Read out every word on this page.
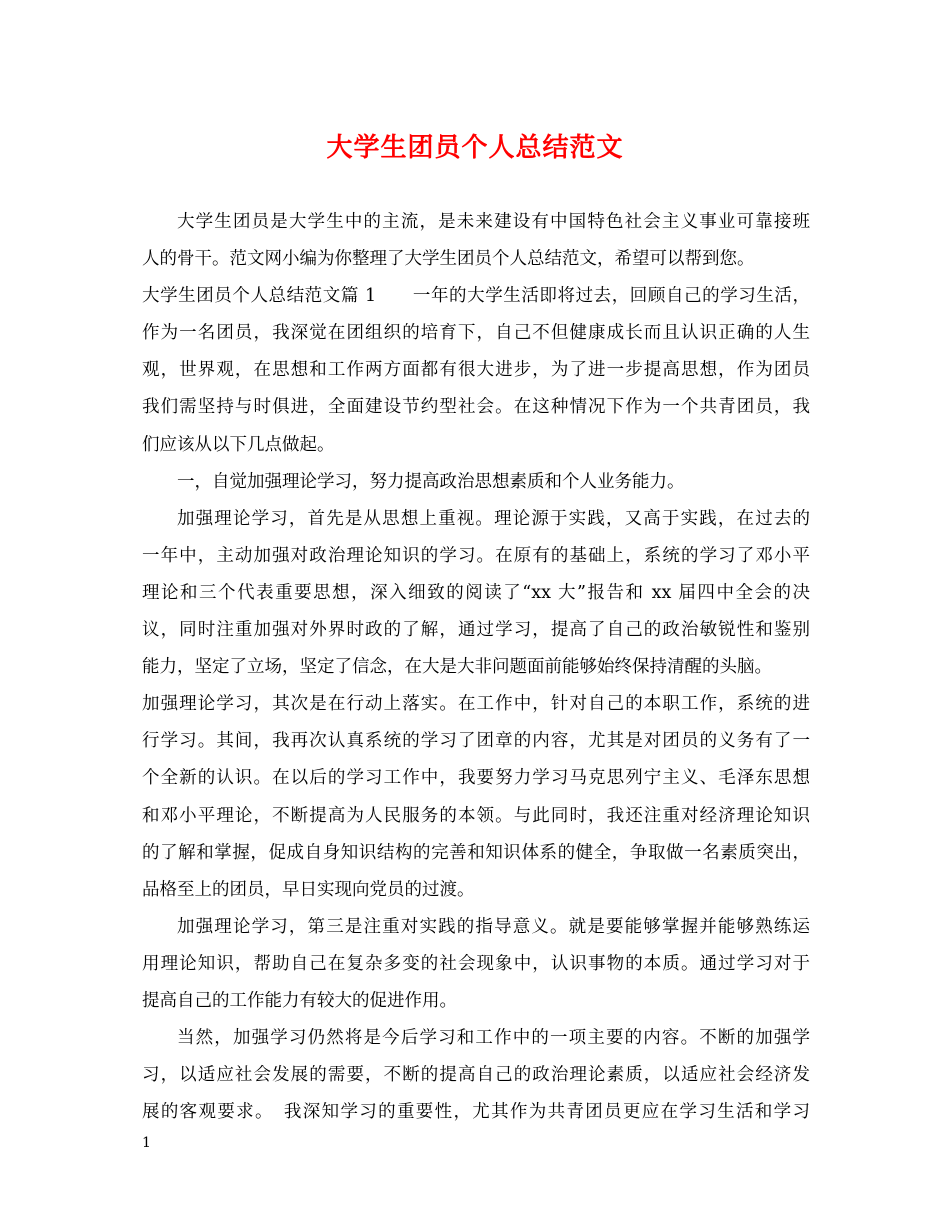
大学生团员个人总结范文
大学生团员是大学生中的主流，是未来建设有中国特色社会主义事业可靠接班
人的骨干。范文网小编为你整理了大学生团员个人总结范文，希望可以帮到您。
大学生团员个人总结范文篇 1　　一年的大学生活即将过去，回顾自己的学习生活，
作为一名团员，我深觉在团组织的培育下，自己不但健康成长而且认识正确的人生
观，世界观，在思想和工作两方面都有很大进步，为了进一步提高思想，作为团员
我们需坚持与时俱进，全面建设节约型社会。在这种情况下作为一个共青团员，我
们应该从以下几点做起。
一，自觉加强理论学习，努力提高政治思想素质和个人业务能力。
加强理论学习，首先是从思想上重视。理论源于实践，又高于实践，在过去的
一年中，主动加强对政治理论知识的学习。在原有的基础上，系统的学习了邓小平
理论和三个代表重要思想，深入细致的阅读了“xx 大”报告和 xx 届四中全会的决
议，同时注重加强对外界时政的了解，通过学习，提高了自己的政治敏锐性和鉴别
能力，坚定了立场，坚定了信念，在大是大非问题面前能够始终保持清醒的头脑。
加强理论学习，其次是在行动上落实。在工作中，针对自己的本职工作，系统的进
行学习。其间，我再次认真系统的学习了团章的内容，尤其是对团员的义务有了一
个全新的认识。在以后的学习工作中，我要努力学习马克思列宁主义、毛泽东思想
和邓小平理论，不断提高为人民服务的本领。与此同时，我还注重对经济理论知识
的了解和掌握，促成自身知识结构的完善和知识体系的健全，争取做一名素质突出，
品格至上的团员，早日实现向党员的过渡。
加强理论学习，第三是注重对实践的指导意义。就是要能够掌握并能够熟练运
用理论知识，帮助自己在复杂多变的社会现象中，认识事物的本质。通过学习对于
提高自己的工作能力有较大的促进作用。
当然，加强学习仍然将是今后学习和工作中的一项主要的内容。不断的加强学
习，以适应社会发展的需要，不断的提高自己的政治理论素质，以适应社会经济发
展的客观要求。　我深知学习的重要性，尤其作为共青团员更应在学习生活和学习

1
